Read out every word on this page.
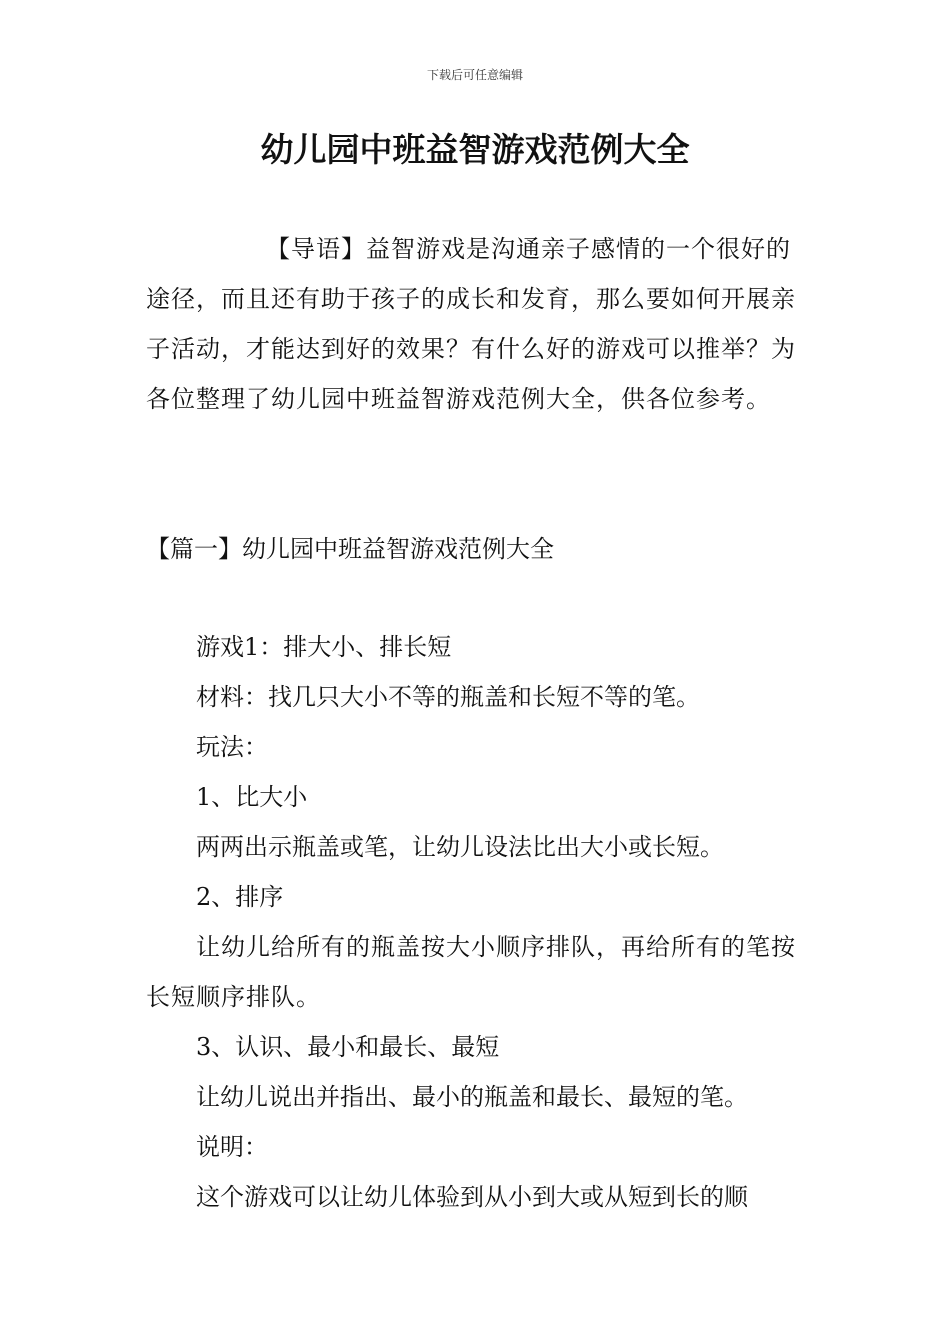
下载后可任意编辑
幼儿园中班益智游戏范例大全

【导语】益智游戏是沟通亲子感情的一个很好的途径，而且还有助于孩子的成长和发育，那么要如何开展亲子活动，才能达到好的效果？有什么好的游戏可以推举？为各位整理了幼儿园中班益智游戏范例大全，供各位参考。

【篇一】幼儿园中班益智游戏范例大全

游戏1：排大小、排长短

材料：找几只大小不等的瓶盖和长短不等的笔。

玩法：

1、比大小

两两出示瓶盖或笔，让幼儿设法比出大小或长短。

2、排序

让幼儿给所有的瓶盖按大小顺序排队，再给所有的笔按长短顺序排队。

3、认识、最小和最长、最短

让幼儿说出并指出、最小的瓶盖和最长、最短的笔。

说明：

这个游戏可以让幼儿体验到从小到大或从短到长的顺
